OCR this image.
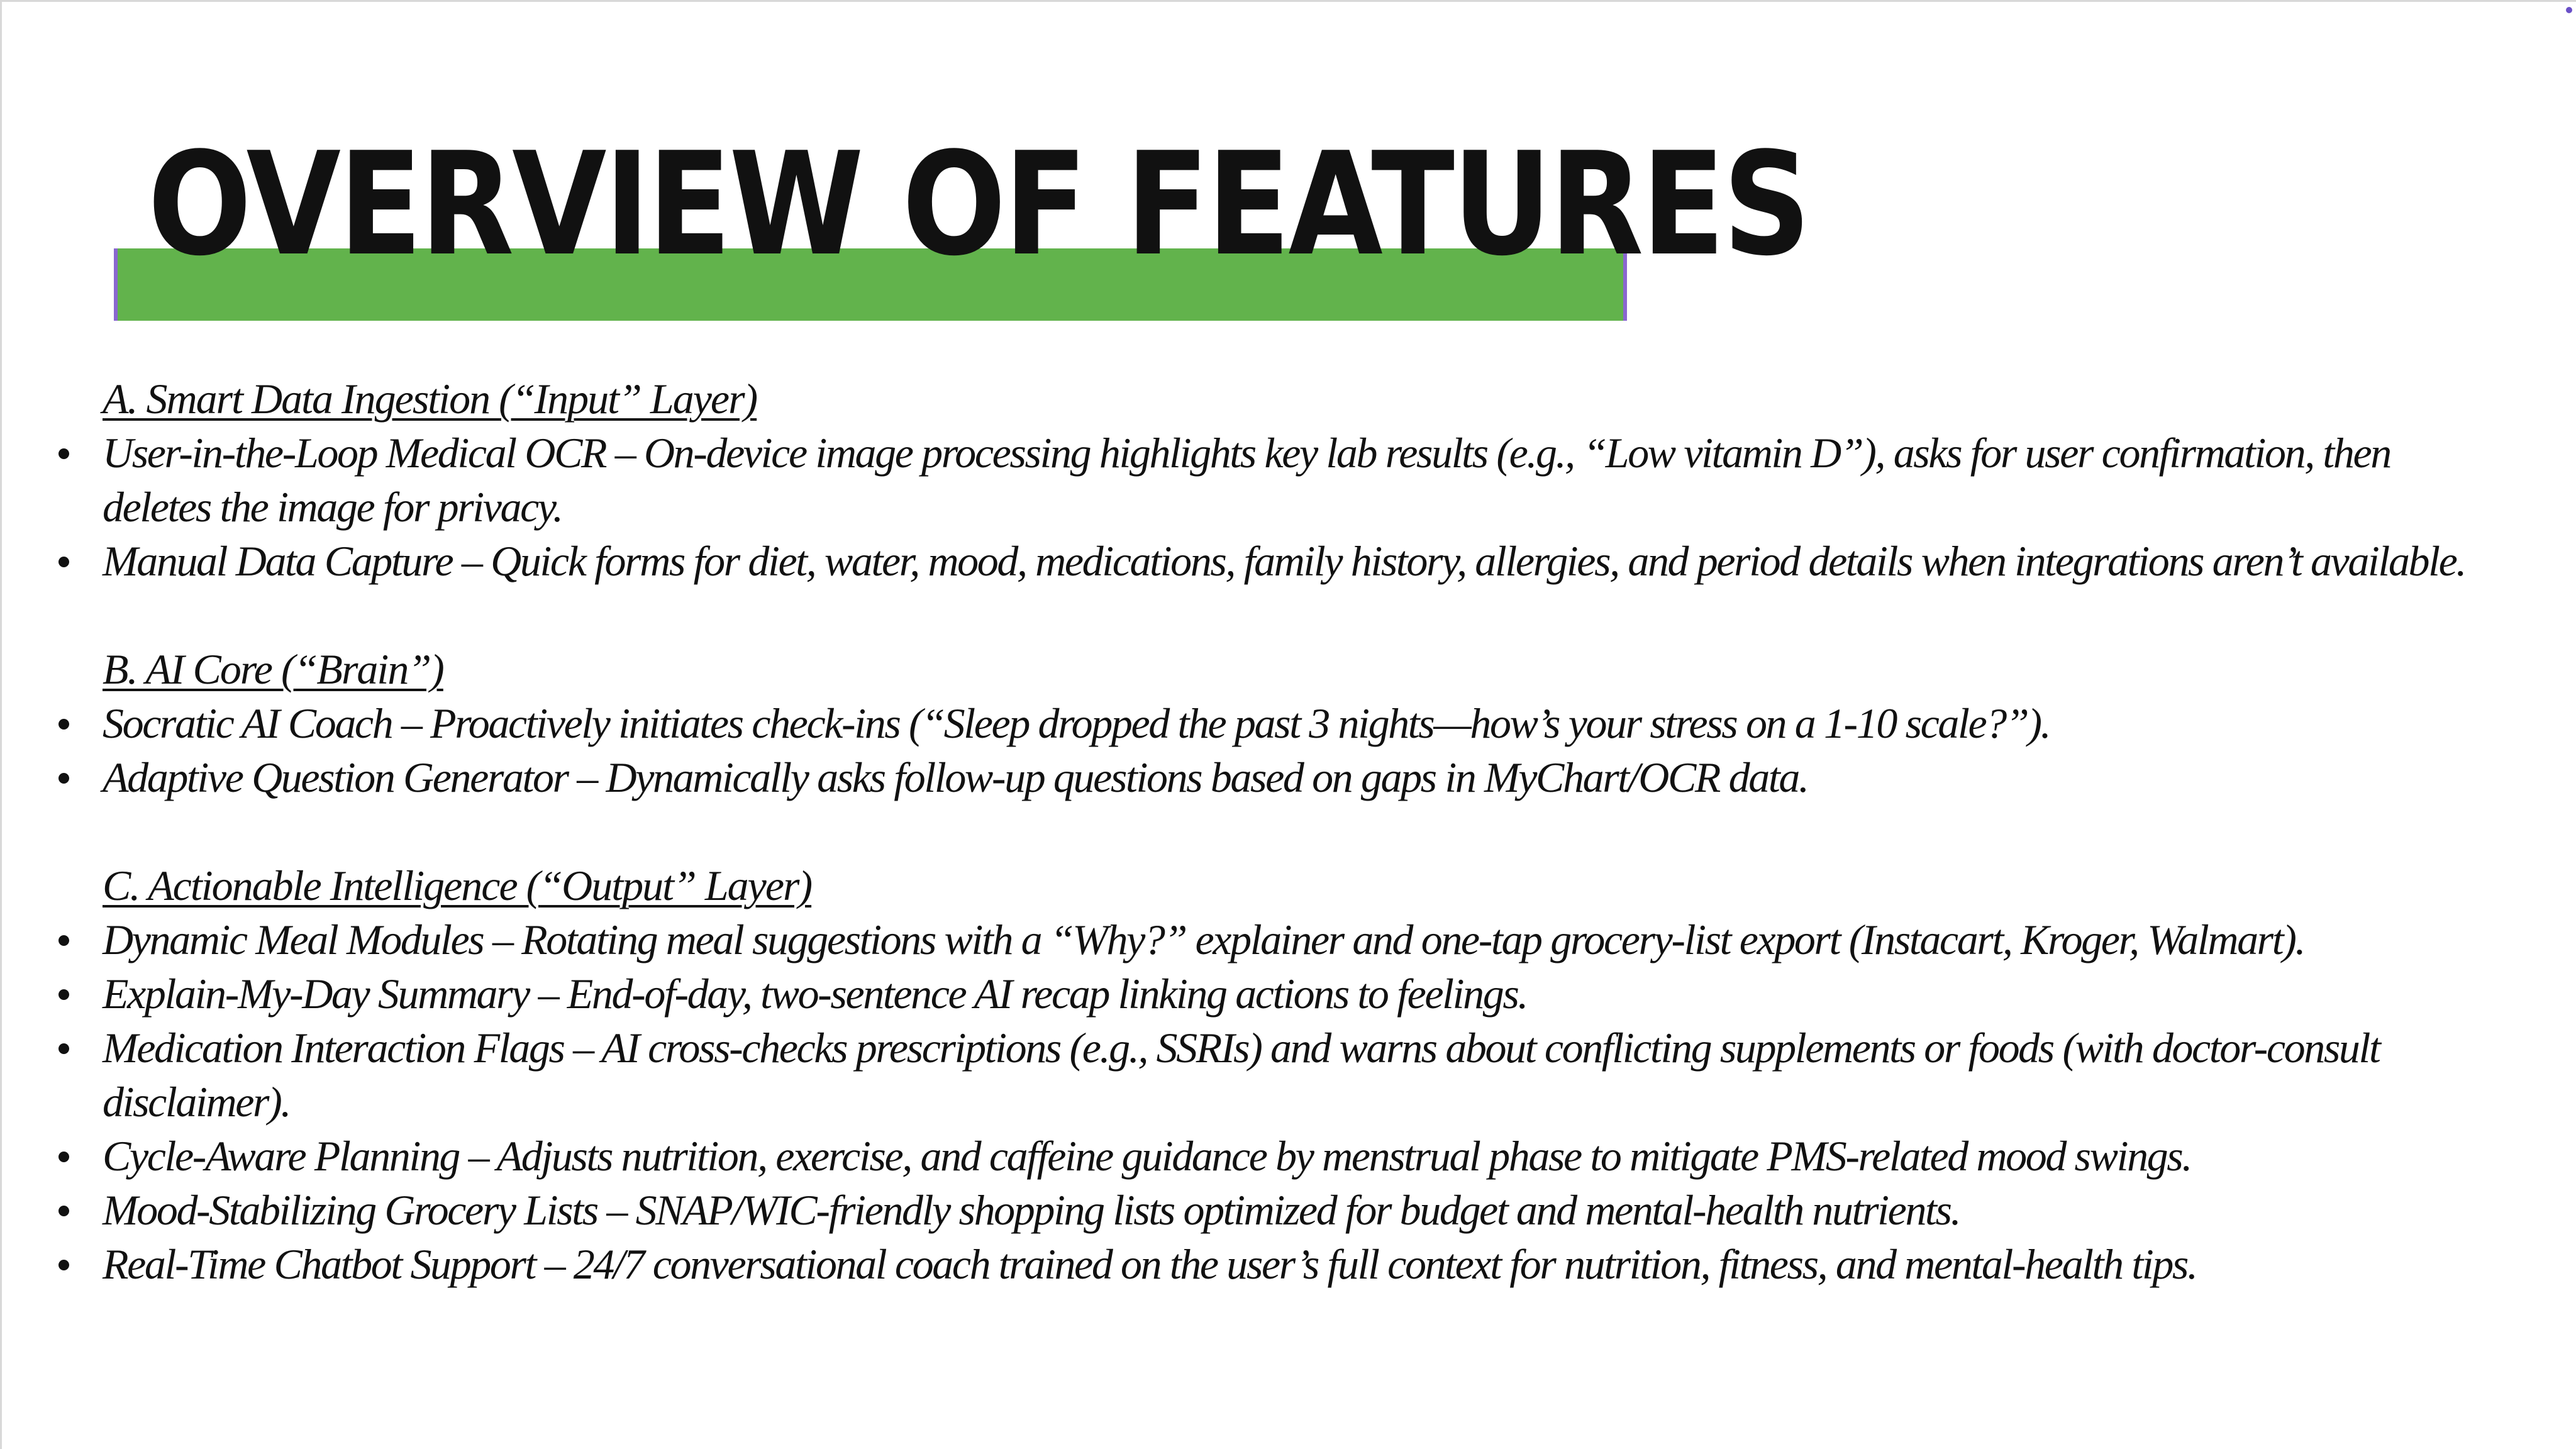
OVERVIEW OF FEATURES
A. Smart Data Ingestion (“Input” Layer)
User-in-the-Loop Medical OCR – On-device image processing highlights key lab results (e.g., “Low vitamin D”), asks for user confirmation, then deletes the image for privacy.
Manual Data Capture – Quick forms for diet, water, mood, medications, family history, allergies, and period details when integrations aren’t available.
B. AI Core (“Brain”)
Socratic AI Coach – Proactively initiates check-ins (“Sleep dropped the past 3 nights—how’s your stress on a 1-10 scale?”).
Adaptive Question Generator – Dynamically asks follow-up questions based on gaps in MyChart/OCR data.
C. Actionable Intelligence (“Output” Layer)
Dynamic Meal Modules – Rotating meal suggestions with a “Why?” explainer and one-tap grocery-list export (Instacart, Kroger, Walmart).
Explain-My-Day Summary – End-of-day, two-sentence AI recap linking actions to feelings.
Medication Interaction Flags – AI cross-checks prescriptions (e.g., SSRIs) and warns about conflicting supplements or foods (with doctor-consult disclaimer).
Cycle-Aware Planning – Adjusts nutrition, exercise, and caffeine guidance by menstrual phase to mitigate PMS-related mood swings.
Mood-Stabilizing Grocery Lists – SNAP/WIC-friendly shopping lists optimized for budget and mental-health nutrients.
Real-Time Chatbot Support – 24/7 conversational coach trained on the user’s full context for nutrition, fitness, and mental-health tips.
